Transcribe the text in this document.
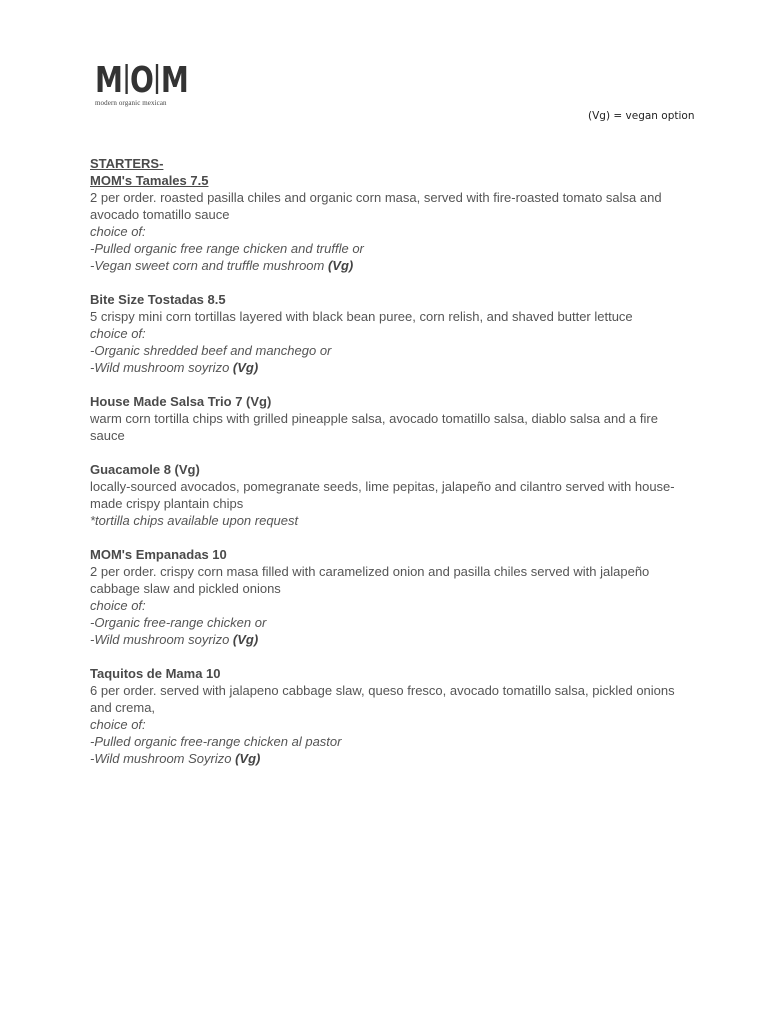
M O M
modern organic mexican
(Vg) = vegan option
STARTERS-
MOM's Tamales 7.5
2 per order. roasted pasilla chiles and organic corn masa, served with fire-roasted tomato salsa and avocado tomatillo sauce
choice of:
-Pulled organic free range chicken and truffle or
-Vegan sweet corn and truffle mushroom (Vg)
Bite Size Tostadas 8.5
5 crispy mini corn tortillas layered with black bean puree, corn relish, and shaved butter lettuce
choice of:
-Organic shredded beef and manchego or
-Wild mushroom soyrizo (Vg)
House Made Salsa Trio 7 (Vg)
warm corn tortilla chips with grilled pineapple salsa, avocado tomatillo salsa, diablo salsa and a fire sauce
Guacamole 8 (Vg)
locally-sourced avocados, pomegranate seeds, lime pepitas, jalapeño and cilantro served with house-made crispy plantain chips
*tortilla chips available upon request
MOM's Empanadas 10
2 per order. crispy corn masa filled with caramelized onion and pasilla chiles served with jalapeño cabbage slaw and pickled onions
choice of:
-Organic free-range chicken or
-Wild mushroom soyrizo (Vg)
Taquitos de Mama 10
6 per order. served with jalapeno cabbage slaw, queso fresco, avocado tomatillo salsa, pickled onions and crema,
choice of:
-Pulled organic free-range chicken al pastor
-Wild mushroom Soyrizo (Vg)
